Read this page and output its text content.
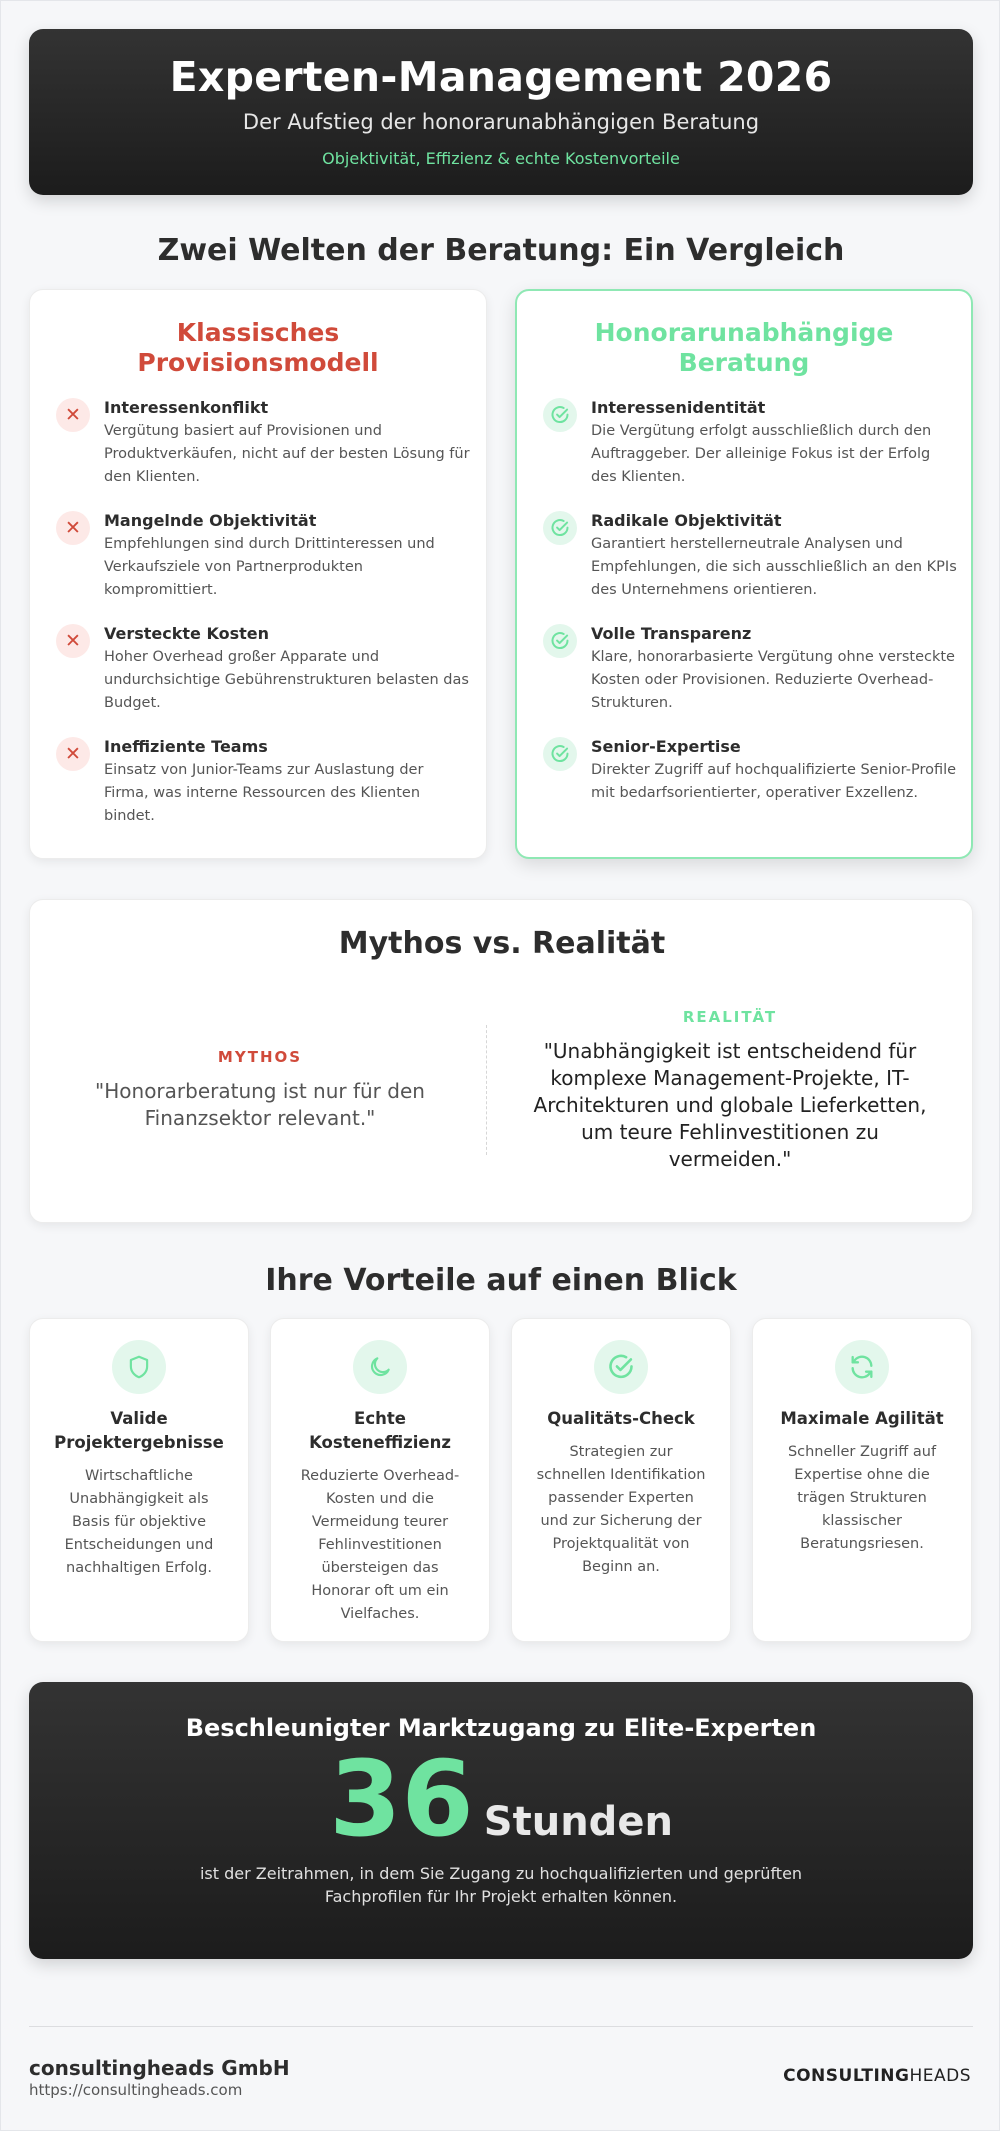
Experten-Management 2026
Der Aufstieg der honorarunabhängigen Beratung
Objektivität, Effizienz & echte Kostenvorteile
Zwei Welten der Beratung: Ein Vergleich
Klassisches
Provisionsmodell
✕	Interessenkonflikt
Vergütung basiert auf Provisionen und Produktverkäufen, nicht auf der besten Lösung für den Klienten.
✕	Mangelnde Objektivität
Empfehlungen sind durch Drittinteressen und Verkaufsziele von Partnerprodukten kompromittiert.
✕	Versteckte Kosten
Hoher Overhead großer Apparate und undurchsichtige Gebührenstrukturen belasten das Budget.
✕	Ineffiziente Teams
Einsatz von Junior-Teams zur Auslastung der Firma, was interne Ressourcen des Klienten bindet.
Honorarunabhängige
Beratung
Interessenidentität
Die Vergütung erfolgt ausschließlich durch den Auftraggeber. Der alleinige Fokus ist der Erfolg des Klienten.
Radikale Objektivität
Garantiert herstellerneutrale Analysen und Empfehlungen, die sich ausschließlich an den KPIs des Unternehmens orientieren.
Volle Transparenz
Klare, honorarbasierte Vergütung ohne versteckte Kosten oder Provisionen. Reduzierte Overhead-Strukturen.
Senior-Expertise
Direkter Zugriff auf hochqualifizierte Senior-Profile mit bedarfsorientierter, operativer Exzellenz.
Mythos vs. Realität
MYTHOS
"Honorarberatung ist nur für den Finanzsektor relevant."
REALITÄT
"Unabhängigkeit ist entscheidend für komplexe Management-Projekte, IT-Architekturen und globale Lieferketten, um teure Fehlinvestitionen zu vermeiden."
Ihre Vorteile auf einen Blick
Valide Projektergebnisse
Wirtschaftliche Unabhängigkeit als Basis für objektive Entscheidungen und nachhaltigen Erfolg.
Echte Kosteneffizienz
Reduzierte Overhead-Kosten und die Vermeidung teurer Fehlinvestitionen übersteigen das Honorar oft um ein Vielfaches.
Qualitäts-Check
Strategien zur schnellen Identifikation passender Experten und zur Sicherung der Projektqualität von Beginn an.
Maximale Agilität
Schneller Zugriff auf Expertise ohne die trägen Strukturen klassischer Beratungsriesen.
Beschleunigter Marktzugang zu Elite-Experten
36 Stunden
ist der Zeitrahmen, in dem Sie Zugang zu hochqualifizierten und geprüften Fachprofilen für Ihr Projekt erhalten können.
consultingheads GmbH
https://consultingheads.com
CONSULTINGHEADS
